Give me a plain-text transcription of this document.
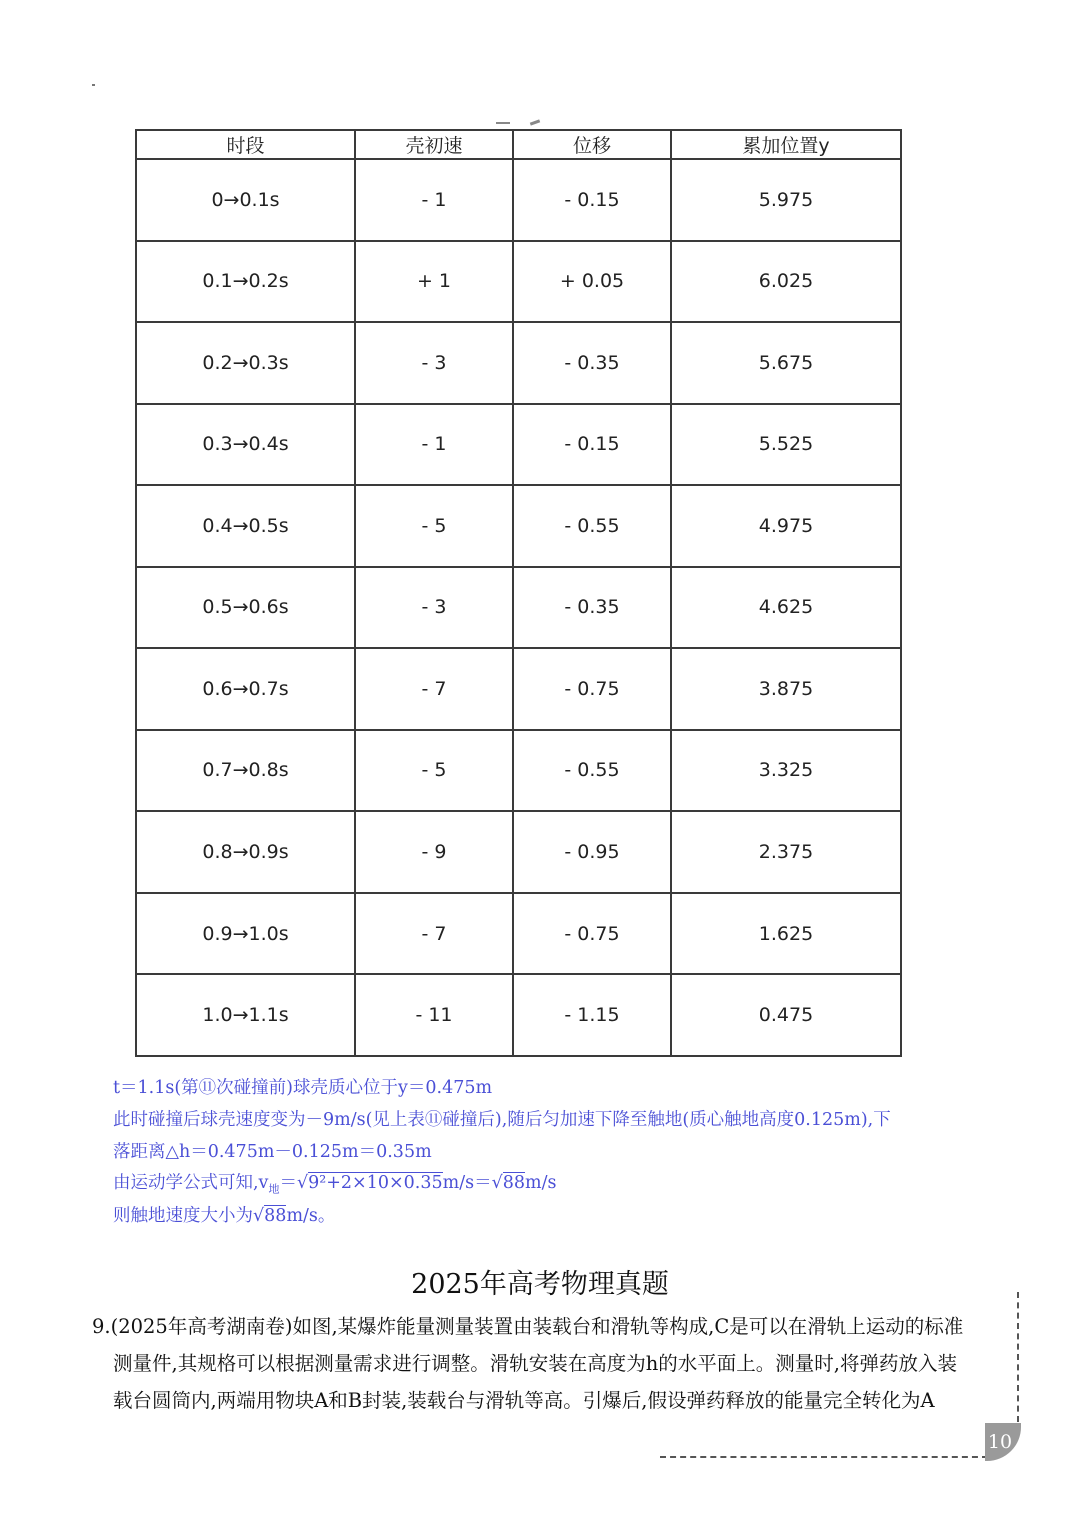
时段	壳初速	位移	累加位置y
0→0.1s	- 1	- 0.15	5.975
0.1→0.2s	+ 1	+ 0.05	6.025
0.2→0.3s	- 3	- 0.35	5.675
0.3→0.4s	- 1	- 0.15	5.525
0.4→0.5s	- 5	- 0.55	4.975
0.5→0.6s	- 3	- 0.35	4.625
0.6→0.7s	- 7	- 0.75	3.875
0.7→0.8s	- 5	- 0.55	3.325
0.8→0.9s	- 9	- 0.95	2.375
0.9→1.0s	- 7	- 0.75	1.625
1.0→1.1s	- 11	- 1.15	0.475
t＝1.1s(第⑪次碰撞前)球壳质心位于y＝0.475m
此时碰撞后球壳速度变为－9m/s(见上表⑪碰撞后),随后匀加速下降至触地(质心触地高度0.125m),下
落距离△h＝0.475m－0.125m＝0.35m
由运动学公式可知$,v_地=√9^2+2\times 10\times 0.35m/s=√88m/s$
则触地速度大小为√88m/s。
2025年高考物理真题
9.(2025年高考湖南卷)如图,某爆炸能量测量装置由装载台和滑轨等构成,C是可以在滑轨上运动的标准
测量件,其规格可以根据测量需求进行调整。滑轨安装在高度为h的水平面上。测量时,将弹药放入装
载台圆筒内,两端用物块A和B封装,装载台与滑轨等高。引爆后,假设弹药释放的能量完全转化为A
10
